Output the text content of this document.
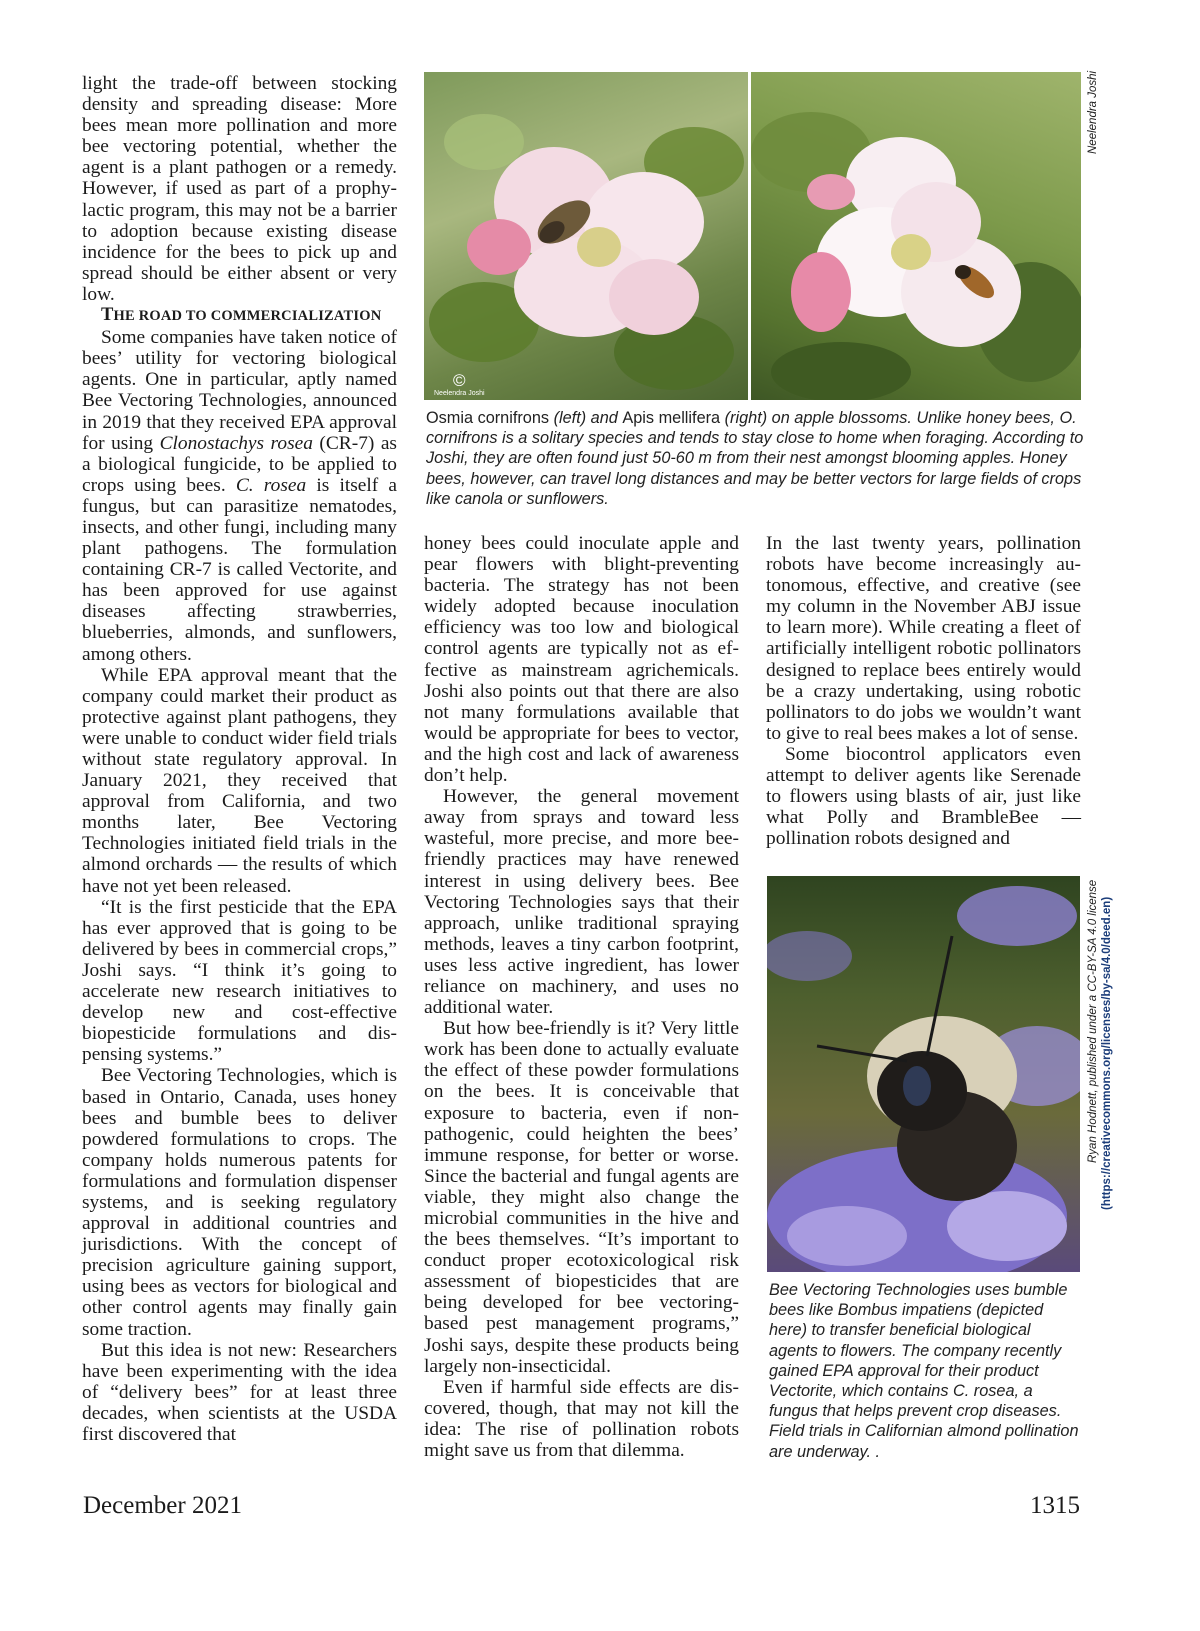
light the trade-off between stocking density and spreading disease: More bees mean more pollination and more bee vectoring potential, whether the agent is a plant pathogen or a remedy. However, if used as part of a prophylactic program, this may not be a barrier to adoption because existing disease incidence for the bees to pick up and spread should be either absent or very low.

THE ROAD TO COMMERCIALIZATION

Some companies have taken notice of bees’ utility for vectoring biological agents. One in particular, aptly named Bee Vectoring Technologies, announced in 2019 that they received EPA approval for using Clonostachys rosea (CR-7) as a biological fungicide, to be applied to crops using bees. C. rosea is itself a fungus, but can parasitize nematodes, insects, and other fungi, including many plant pathogens. The formulation containing CR-7 is called Vectorite, and has been approved for use against diseases affecting strawberries, blueberries, almonds, and sunflowers, among others.

While EPA approval meant that the company could market their product as protective against plant pathogens, they were unable to conduct wider field trials without state regulatory approval. In January 2021, they received that approval from California, and two months later, Bee Vectoring Technologies initiated field trials in the almond orchards — the results of which have not yet been released.

“It is the first pesticide that the EPA has ever approved that is going to be delivered by bees in commercial crops,” Joshi says. “I think it’s going to accelerate new research initiatives to develop new and cost-effective biopesticide formulations and dispensing systems.”

Bee Vectoring Technologies, which is based in Ontario, Canada, uses honey bees and bumble bees to deliver powdered formulations to crops. The company holds numerous patents for formulations and formulation dispenser systems, and is seeking regulatory approval in additional countries and jurisdictions. With the concept of precision agriculture gaining support, using bees as vectors for biological and other control agents may finally gain some traction.

But this idea is not new: Researchers have been experimenting with the idea of “delivery bees” for at least three decades, when scientists at the USDA first discovered that

©
Neelendra Joshi
Neelendra Joshi
Osmia cornifrons (left) and Apis mellifera (right) on apple blossoms. Unlike honey bees, O. cornifrons is a solitary species and tends to stay close to home when foraging. According to Joshi, they are often found just 50-60 m from their nest amongst blooming apples. Honey bees, however, can travel long distances and may be better vectors for large fields of crops like canola or sunflowers.

honey bees could inoculate apple and pear flowers with blight-preventing bacteria. The strategy has not been widely adopted because inoculation efficiency was too low and biological control agents are typically not as effective as mainstream agrichemicals. Joshi also points out that there are also not many formulations available that would be appropriate for bees to vector, and the high cost and lack of awareness don’t help.

However, the general movement away from sprays and toward less wasteful, more precise, and more bee-friendly practices may have renewed interest in using delivery bees. Bee Vectoring Technologies says that their approach, unlike traditional spraying methods, leaves a tiny carbon footprint, uses less active ingredient, has lower reliance on machinery, and uses no additional water.

But how bee-friendly is it? Very little work has been done to actually evaluate the effect of these powder formulations on the bees. It is conceivable that exposure to bacteria, even if nonpathogenic, could heighten the bees’ immune response, for better or worse. Since the bacterial and fungal agents are viable, they might also change the microbial communities in the hive and the bees themselves. “It’s important to conduct proper ecotoxicological risk assessment of biopesticides that are being developed for bee vectoring-based pest management programs,” Joshi says, despite these products being largely non-insecticidal.

Even if harmful side effects are discovered, though, that may not kill the idea: The rise of pollination robots might save us from that dilemma.

In the last twenty years, pollination robots have become increasingly autonomous, effective, and creative (see my column in the November ABJ issue to learn more). While creating a fleet of artificially intelligent robotic pollinators designed to replace bees entirely would be a crazy undertaking, using robotic pollinators to do jobs we wouldn’t want to give to real bees makes a lot of sense.

Some biocontrol applicators even attempt to deliver agents like Serenade to flowers using blasts of air, just like what Polly and BrambleBee — pollination robots designed and

Ryan Hodnett, published under a CC-BY-SA 4.0 license (https://creativecommons.org/licenses/by-sa/4.0/deed.en)
Bee Vectoring Technologies uses bumble bees like Bombus impatiens (depicted here) to transfer beneficial biological agents to flowers. The company recently gained EPA approval for their product Vectorite, which contains C. rosea, a fungus that helps prevent crop diseases. Field trials in Californian almond pollination are underway. .
December 2021	1315
